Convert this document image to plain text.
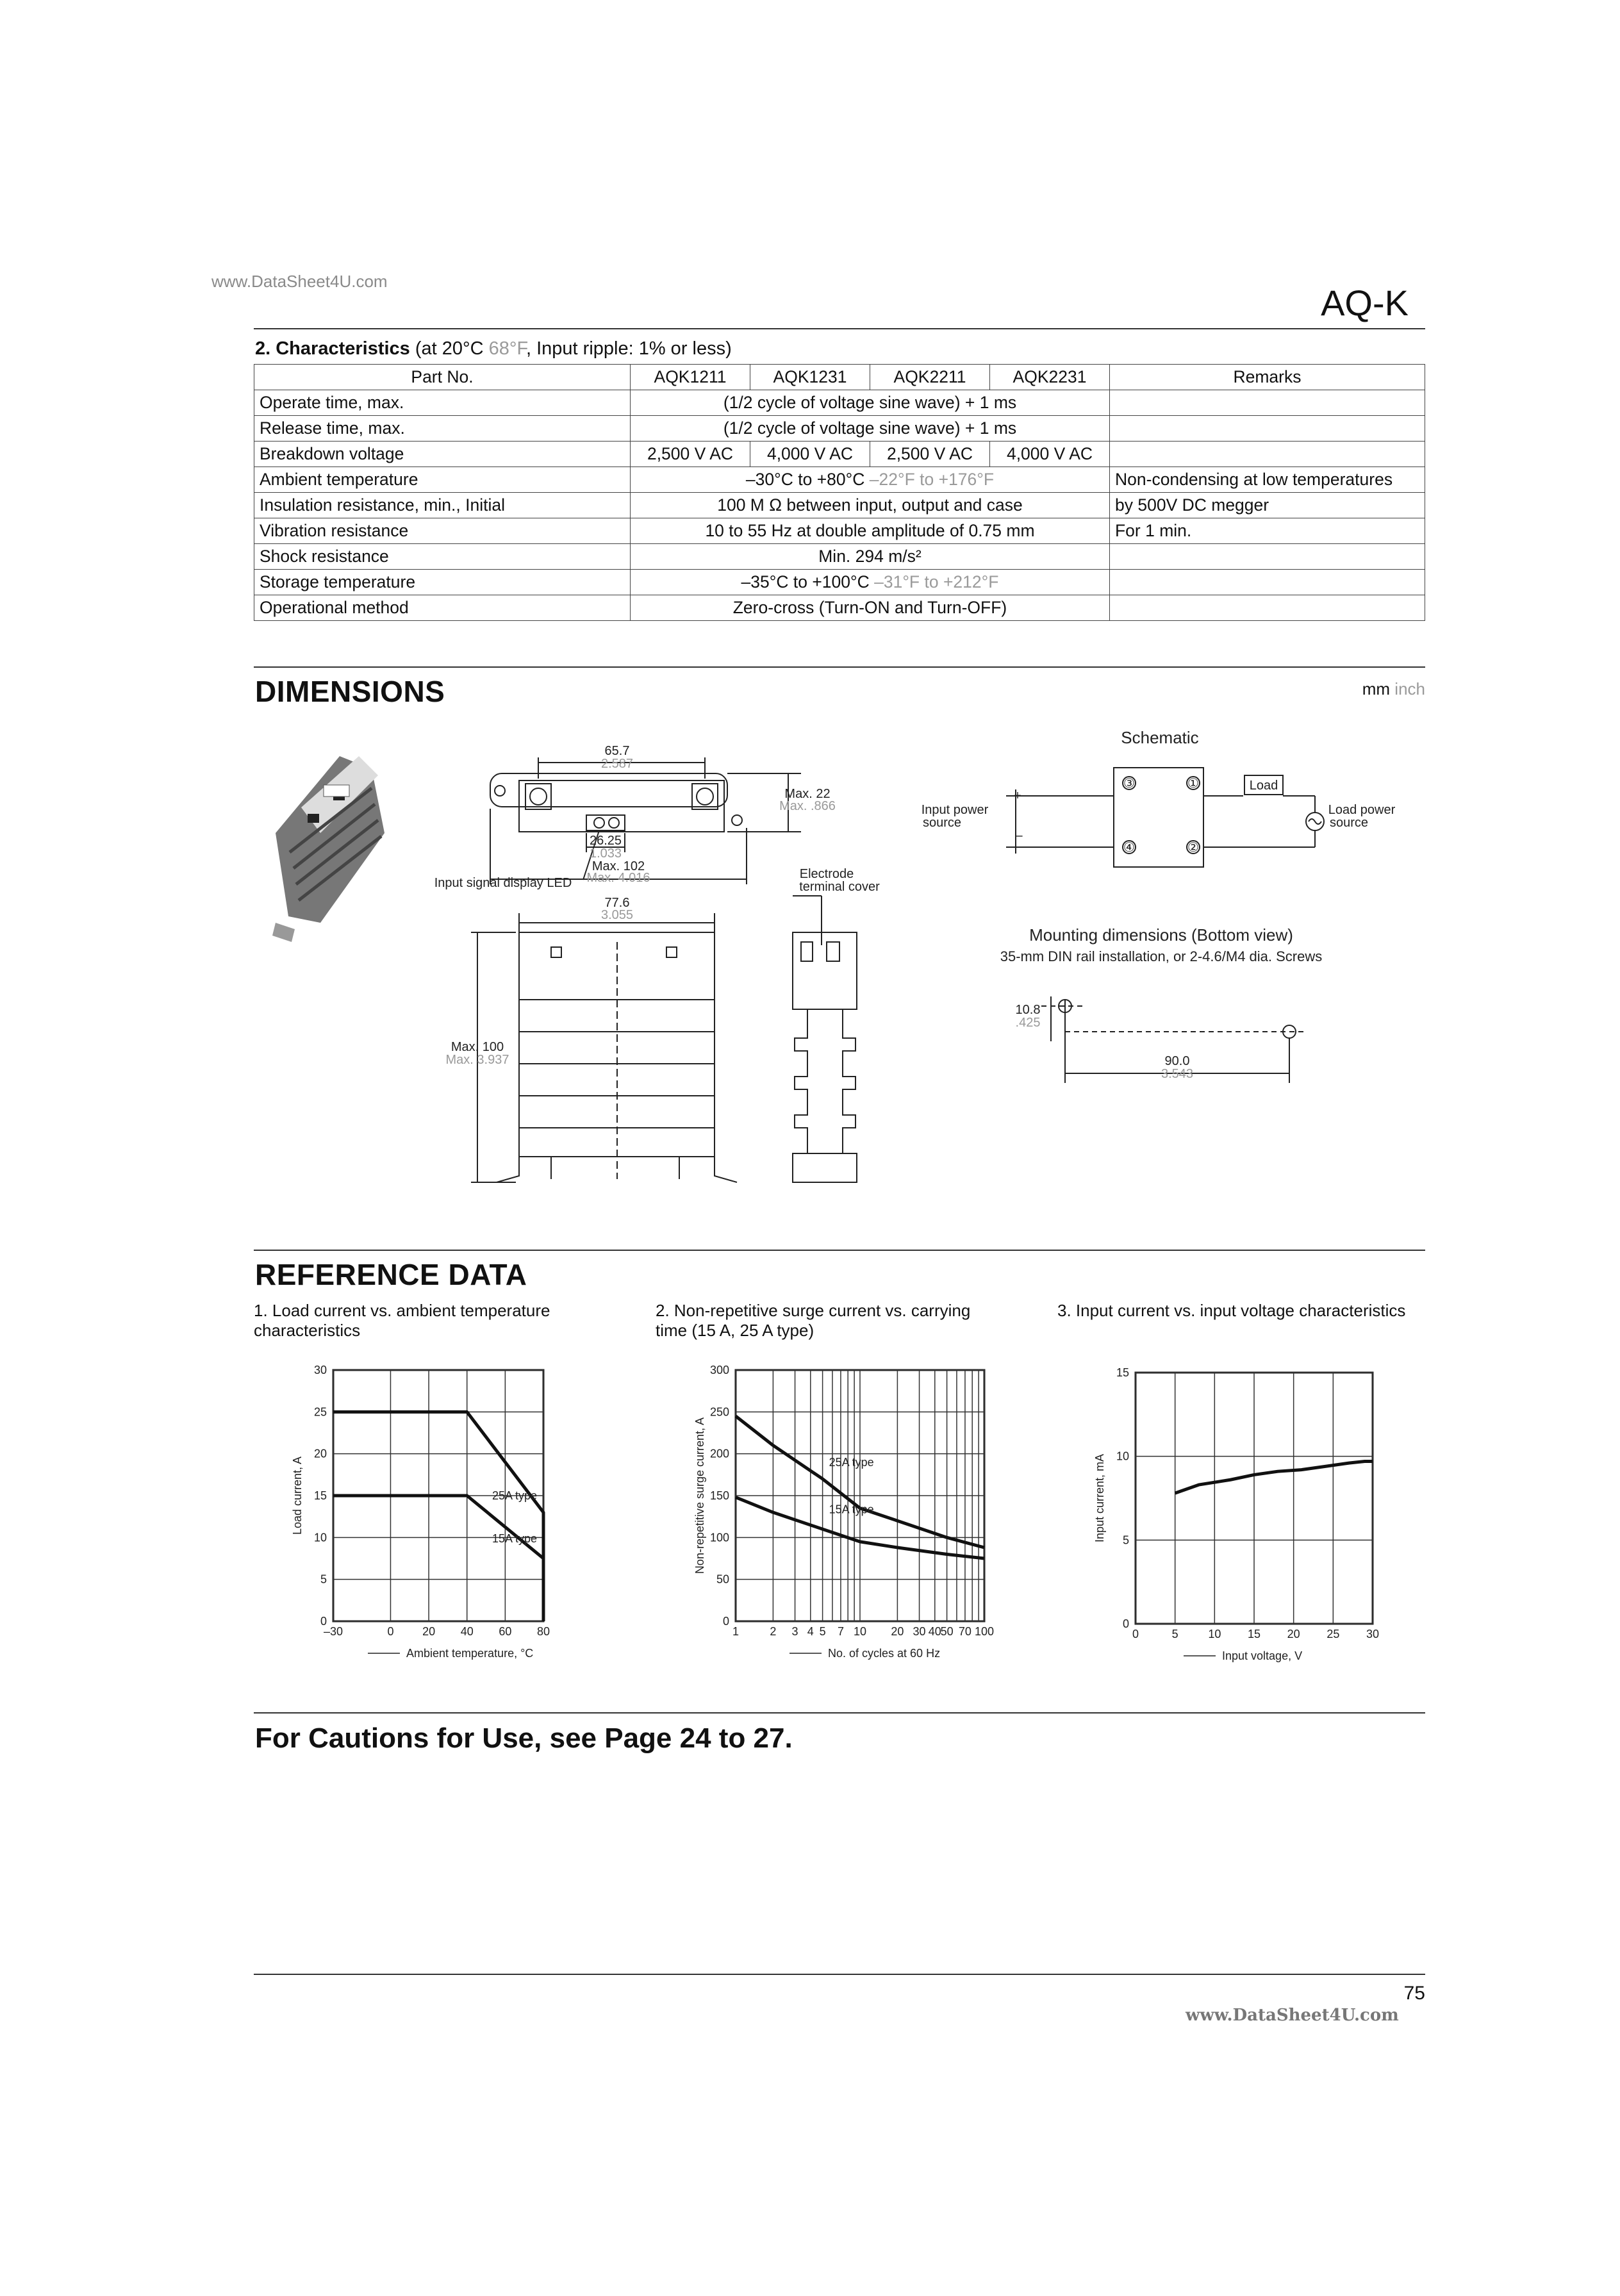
www.DataSheet4U.com
AQ-K
2. Characteristics (at 20°C 68°F, Input ripple: 1% or less)
Part No.	AQK1211	AQK1231	AQK2211	AQK2231	Remarks
Operate time, max.	(1/2 cycle of voltage sine wave) + 1 ms				
Release time, max.	(1/2 cycle of voltage sine wave) + 1 ms				
Breakdown voltage	2,500 V AC	4,000 V AC	2,500 V AC	4,000 V AC	
Ambient temperature	–30°C to +80°C –22°F to +176°F				Non-condensing at low temperatures
Insulation resistance, min., Initial	100 M Ω between input, output and case				by 500V DC megger
Vibration resistance	10 to 55 Hz at double amplitude of 0.75 mm				For 1 min.
Shock resistance	Min. 294 m/s²				
Storage temperature	–35°C to +100°C –31°F to +212°F				
Operational method	Zero-cross (Turn-ON and Turn-OFF)				
DIMENSIONS	mm inch
65.7
2.587
Max. 22
Max. .866
26.25
1.033
Max. 102
Max. 4.016
Input signal display LED
Electrode
terminal cover
77.6
3.055
Max. 100
Max. 3.937
Schematic
③	①
④	②
Load
Input power
source
+
–
Load power
source
Mounting dimensions (Bottom view)
35-mm DIN rail installation, or 2-4.6/M4 dia. Screws
10.8
.425
90.0
3.543
REFERENCE DATA
1. Load current vs. ambient temperature
characteristics
2. Non-repetitive surge current vs. carrying
time (15 A, 25 A type)
3. Input current vs. input voltage characteristics
–30	0 20 40 60 80
0
5
10
15
20
25
30
Ambient temperature, °C
Load current, A	25A type
15A type
1	2 3 4 5 7 10 20 30 40
50 70 100
0
50
100
150
200
250
300
No. of cycles at 60 Hz
Non-repetitive surge current, A	25A type
15A type
0	5	10 15 20 25 30
0
5
10
15
Input voltage, V
Input current, mA
For Cautions for Use, see Page 24 to 27.
75
www.DataSheet4U.com
